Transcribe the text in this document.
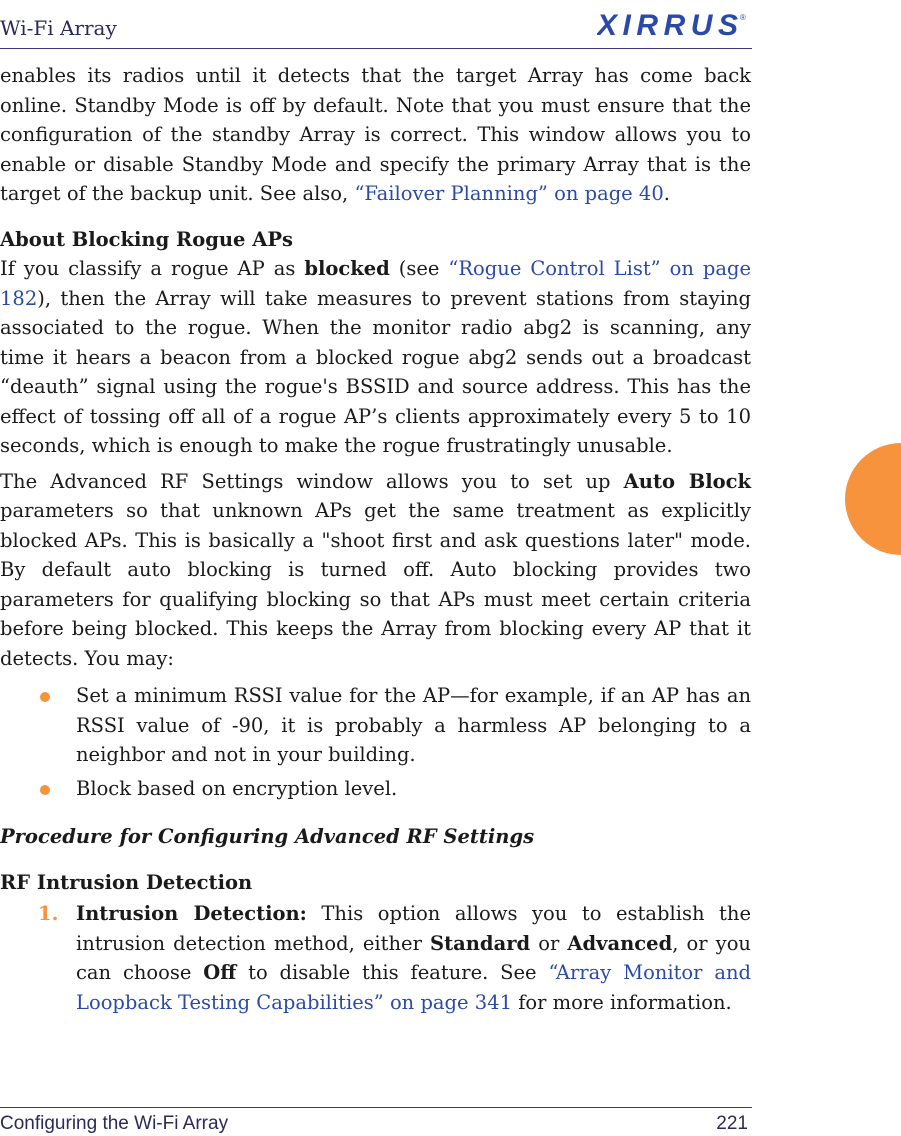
Wi-Fi Array	XIRRUS ®

enables its radios until it detects that the target Array has come back online. Standby Mode is off by default. Note that you must ensure that the configuration of the standby Array is correct. This window allows you to enable or disable Standby Mode and specify the primary Array that is the target of the backup unit. See also, “Failover Planning” on page 40.

About Blocking Rogue APs

If you classify a rogue AP as blocked (see “Rogue Control List” on page 182), then the Array will take measures to prevent stations from staying associated to the rogue. When the monitor radio abg2 is scanning, any time it hears a beacon from a blocked rogue abg2 sends out a broadcast “deauth” signal using the rogue's BSSID and source address. This has the effect of tossing off all of a rogue AP’s clients approximately every 5 to 10 seconds, which is enough to make the rogue frustratingly unusable.

The Advanced RF Settings window allows you to set up Auto Block parameters so that unknown APs get the same treatment as explicitly blocked APs. This is basically a "shoot first and ask questions later" mode. By default auto blocking is turned off. Auto blocking provides two parameters for qualifying blocking so that APs must meet certain criteria before being blocked. This keeps the Array from blocking every AP that it detects. You may:

Set a minimum RSSI value for the AP—for example, if an AP has an RSSI value of -90, it is probably a harmless AP belonging to a neighbor and not in your building.
Block based on encryption level.

Procedure for Configuring Advanced RF Settings

RF Intrusion Detection

1. Intrusion Detection: This option allows you to establish the intrusion detection method, either Standard or Advanced, or you can choose Off to disable this feature. See “Array Monitor and Loopback Testing Capabilities” on page 341 for more information.
Configuring the Wi-Fi Array	221
